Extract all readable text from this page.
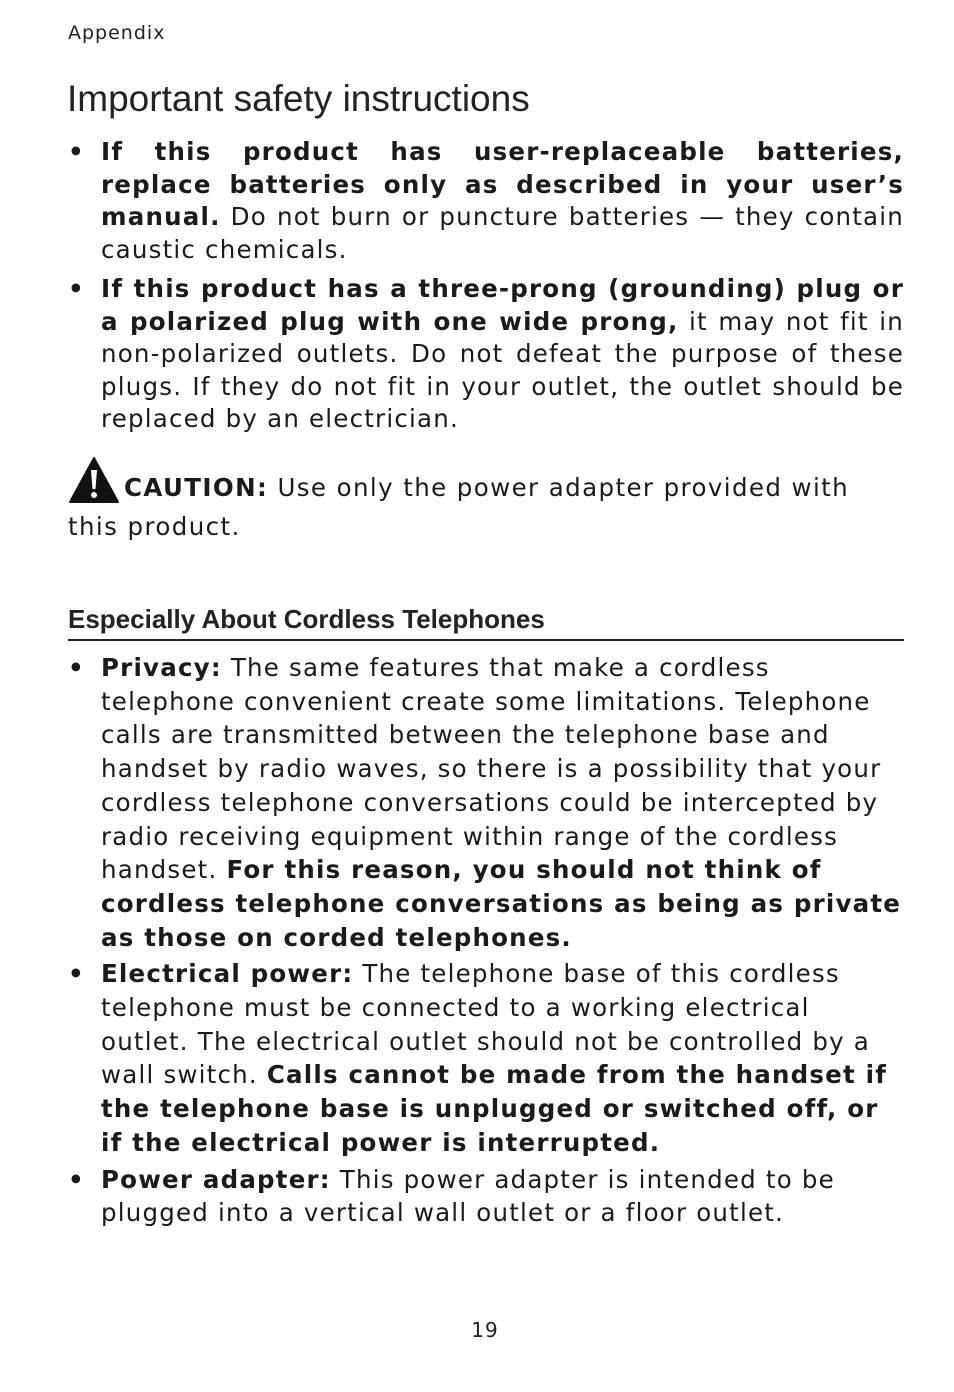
Appendix
Important safety instructions
• If this product has user-replaceable batteries, replace batteries only as described in your user’s manual. Do not burn or puncture batteries — they contain caustic chemicals.
• If this product has a three-prong (grounding) plug or a polarized plug with one wide prong, it may not fit in non-polarized outlets. Do not defeat the purpose of these plugs. If they do not fit in your outlet, the outlet should be replaced by an electrician.
CAUTION: Use only the power adapter provided with this product.
Especially About Cordless Telephones
• Privacy: The same features that make a cordless telephone convenient create some limitations. Telephone calls are transmitted between the telephone base and handset by radio waves, so there is a possibility that your cordless telephone conversations could be intercepted by radio receiving equipment within range of the cordless handset. For this reason, you should not think of cordless telephone conversations as being as private as those on corded telephones.
• Electrical power: The telephone base of this cordless telephone must be connected to a working electrical outlet. The electrical outlet should not be controlled by a wall switch. Calls cannot be made from the handset if the telephone base is unplugged or switched off, or if the electrical power is interrupted.
• Power adapter: This power adapter is intended to be plugged into a vertical wall outlet or a floor outlet.
19
